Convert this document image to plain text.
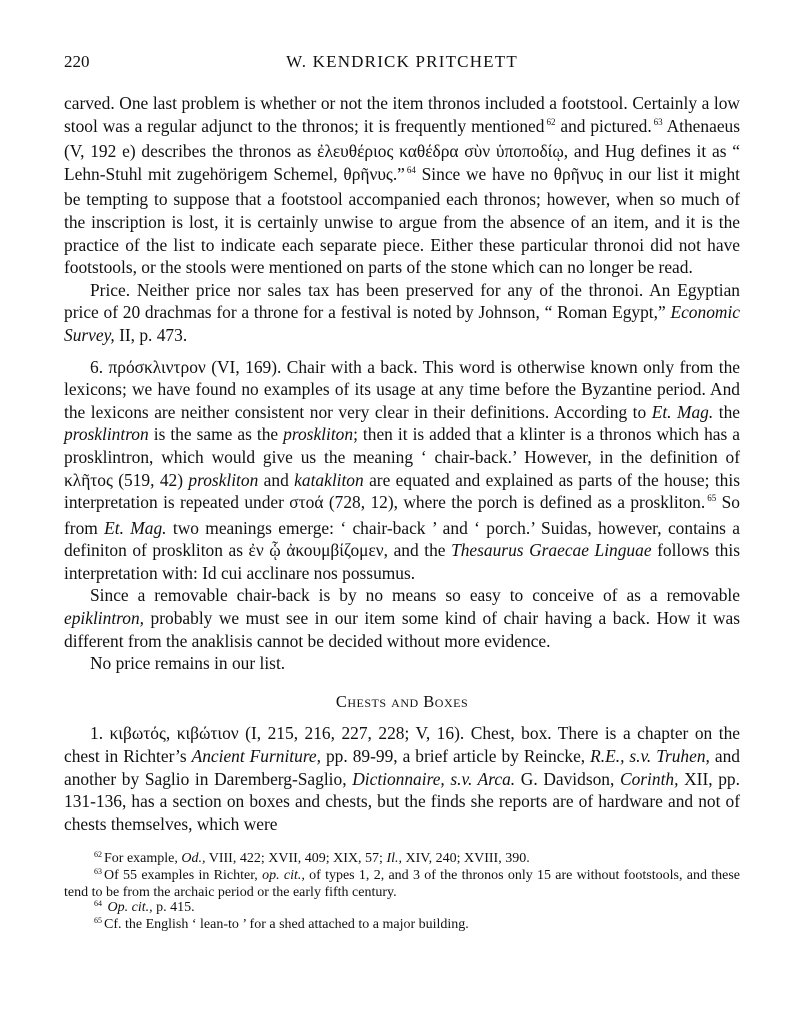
220	W. KENDRICK PRITCHETT

carved. One last problem is whether or not the item thronos included a footstool. Certainly a low stool was a regular adjunct to the thronos; it is frequently mentioned $^{62}$ and pictured. $^{63}$ Athenaeus (V, 192 e) describes the thronos as ἐλευθέριος καθέδρα σὺν ὑποποδίῳ, and Hug defines it as “ Lehn-Stuhl mit zugehörigem Schemel, θρῆνυς.” $^{64}$ Since we have no θρῆνυς in our list it might be tempting to suppose that a footstool accompanied each thronos; however, when so much of the inscription is lost, it is certainly unwise to argue from the absence of an item, and it is the practice of the list to indicate each separate piece. Either these particular thronoi did not have footstools, or the stools were mentioned on parts of the stone which can no longer be read.

Price. Neither price nor sales tax has been preserved for any of the thronoi. An Egyptian price of 20 drachmas for a throne for a festival is noted by Johnson, “ Roman Egypt,” Economic Survey, II, p. 473.

6. πρόσκλιντρον (VI, 169). Chair with a back. This word is otherwise known only from the lexicons; we have found no examples of its usage at any time before the Byzantine period. And the lexicons are neither consistent nor very clear in their definitions. According to Et. Mag. the prosklintron is the same as the proskliton; then it is added that a klinter is a thronos which has a prosklintron, which would give us the meaning ‘ chair-back.’ However, in the definition of κλῆτος (519, 42) proskliton and katakliton are equated and explained as parts of the house; this interpretation is repeated under στοά (728, 12), where the porch is defined as a proskliton. $^{65}$ So from Et. Mag. two meanings emerge: ‘ chair-back ’ and ‘ porch.’ Suidas, however, contains a definiton of proskliton as ἐν ᾧ ἀκουμβίζομεν, and the Thesaurus Graecae Linguae follows this interpretation with: Id cui acclinare nos possumus.

Since a removable chair-back is by no means so easy to conceive of as a removable epiklintron, probably we must see in our item some kind of chair having a back. How it was different from the anaklisis cannot be decided without more evidence.

No price remains in our list.

Chests and Boxes

1. κιβωτός, κιβώτιον (I, 215, 216, 227, 228; V, 16). Chest, box. There is a chapter on the chest in Richter’s Ancient Furniture, pp. 89-99, a brief article by Reincke, R.E., s.v. Truhen, and another by Saglio in Daremberg-Saglio, Dictionnaire, s.v. Arca. G. Davidson, Corinth, XII, pp. 131-136, has a section on boxes and chests, but the finds she reports are of hardware and not of chests themselves, which were

$^{62}$ For example, Od., VIII, 422; XVII, 409; XIX, 57; Il., XIV, 240; XVIII, 390.

$^{63}$ Of 55 examples in Richter, op. cit., of types 1, 2, and 3 of the thronos only 15 are without footstools, and these tend to be from the archaic period or the early fifth century.

$^{64}$ Op. cit., p. 415.

$^{65}$ Cf. the English ‘ lean-to ’ for a shed attached to a major building.
